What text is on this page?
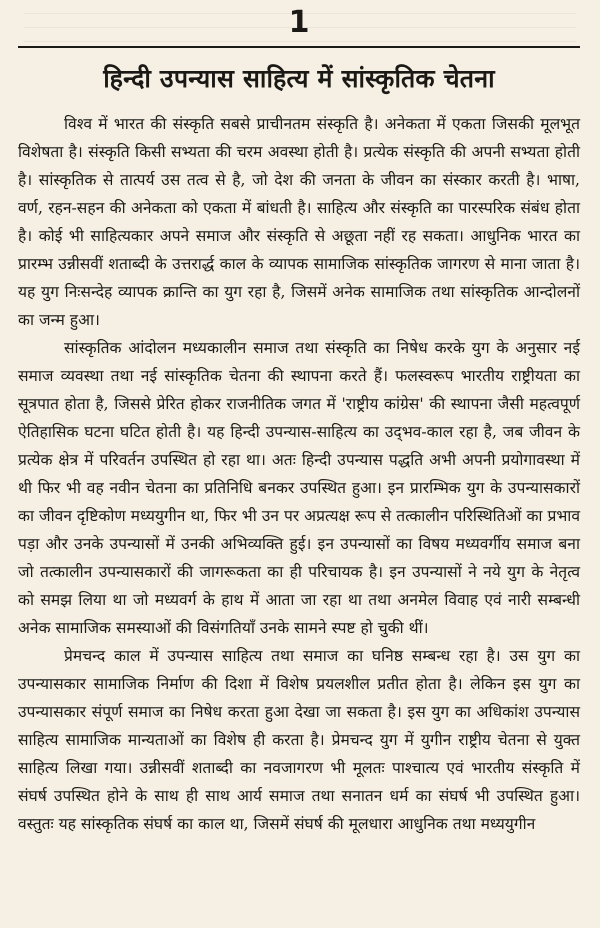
1
हिन्दी उपन्यास साहित्य में सांस्कृतिक चेतना

विश्व में भारत की संस्कृति सबसे प्राचीनतम संस्कृति है। अनेकता में एकता जिसकी मूलभूत विशेषता है। संस्कृति किसी सभ्यता की चरम अवस्था होती है। प्रत्येक संस्कृति की अपनी सभ्यता होती है। सांस्कृतिक से तात्पर्य उस तत्व से है, जो देश की जनता के जीवन का संस्कार करती है। भाषा, वर्ण, रहन-सहन की अनेकता को एकता में बांधती है। साहित्य और संस्कृति का पारस्परिक संबंध होता है। कोई भी साहित्यकार अपने समाज और संस्कृति से अछूता नहीं रह सकता। आधुनिक भारत का प्रारम्भ उन्नीसवीं शताब्दी के उत्तरार्द्ध काल के व्यापक सामाजिक सांस्कृतिक जागरण से माना जाता है। यह युग निःसन्देह व्यापक क्रान्ति का युग रहा है, जिसमें अनेक सामाजिक तथा सांस्कृतिक आन्दोलनों का जन्म हुआ।

सांस्कृतिक आंदोलन मध्यकालीन समाज तथा संस्कृति का निषेध करके युग के अनुसार नई समाज व्यवस्था तथा नई सांस्कृतिक चेतना की स्थापना करते हैं। फलस्वरूप भारतीय राष्ट्रीयता का सूत्रपात होता है, जिससे प्रेरित होकर राजनीतिक जगत में 'राष्ट्रीय कांग्रेस' की स्थापना जैसी महत्वपूर्ण ऐतिहासिक घटना घटित होती है। यह हिन्दी उपन्यास-साहित्य का उद्‌भव-काल रहा है, जब जीवन के प्रत्येक क्षेत्र में परिवर्तन उपस्थित हो रहा था। अतः हिन्दी उपन्यास पद्धति अभी अपनी प्रयोगावस्था में थी फिर भी वह नवीन चेतना का प्रतिनिधि बनकर उपस्थित हुआ। इन प्रारम्भिक युग के उपन्यासकारों का जीवन दृष्टिकोण मध्ययुगीन था, फिर भी उन पर अप्रत्यक्ष रूप से तत्कालीन परिस्थितिओं का प्रभाव पड़ा और उनके उपन्यासों में उनकी अभिव्यक्ति हुई। इन उपन्यासों का विषय मध्यवर्गीय समाज बना जो तत्कालीन उपन्यासकारों की जागरूकता का ही परिचायक है। इन उपन्यासों ने नये युग के नेतृत्व को समझ लिया था जो मध्यवर्ग के हाथ में आता जा रहा था तथा अनमेल विवाह एवं नारी सम्बन्धी अनेक सामाजिक समस्याओं की विसंगतियाँ उनके सामने स्पष्ट हो चुकी थीं।

प्रेमचन्द काल में उपन्यास साहित्य तथा समाज का घनिष्ठ सम्बन्ध रहा है। उस युग का उपन्यासकार सामाजिक निर्माण की दिशा में विशेष प्रयलशील प्रतीत होता है। लेकिन इस युग का उपन्यासकार संपूर्ण समाज का निषेध करता हुआ देखा जा सकता है। इस युग का अधिकांश उपन्यास साहित्य सामाजिक मान्यताओं का विशेष ही करता है। प्रेमचन्द युग में युगीन राष्ट्रीय चेतना से युक्त साहित्य लिखा गया। उन्नीसवीं शताब्दी का नवजागरण भी मूलतः पाश्चात्य एवं भारतीय संस्कृति में संघर्ष उपस्थित होने के साथ ही साथ आर्य समाज तथा सनातन धर्म का संघर्ष भी उपस्थित हुआ। वस्तुतः यह सांस्कृतिक संघर्ष का काल था, जिसमें संघर्ष की मूलधारा आधुनिक तथा मध्ययुगीन
